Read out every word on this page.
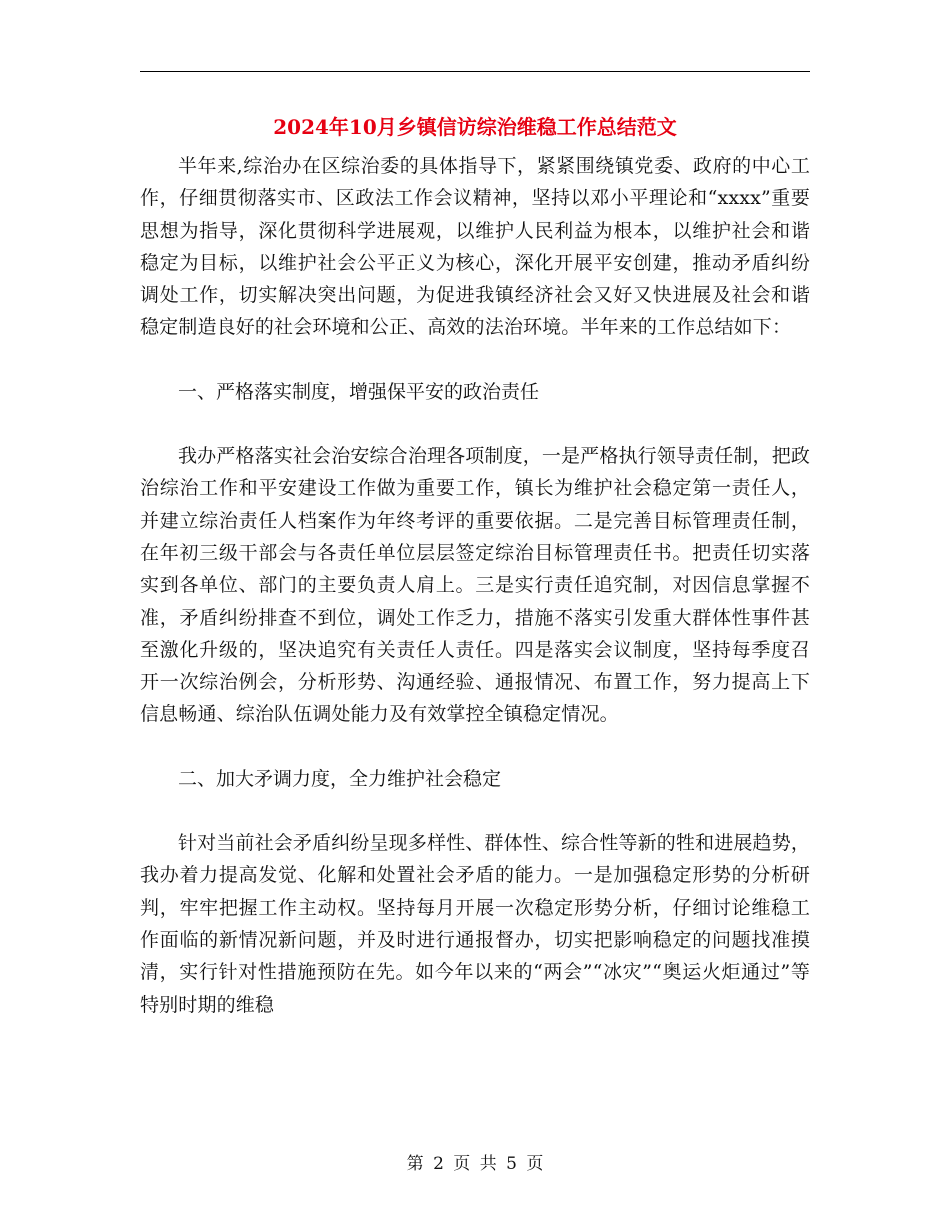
2024年10月乡镇信访综治维稳工作总结范文

半年来,综治办在区综治委的具体指导下，紧紧围绕镇党委、政府的中心工作，仔细贯彻落实市、区政法工作会议精神，坚持以邓小平理论和“xxxx”重要思想为指导，深化贯彻科学进展观，以维护人民利益为根本，以维护社会和谐稳定为目标，以维护社会公平正义为核心，深化开展平安创建，推动矛盾纠纷调处工作，切实解决突出问题，为促进我镇经济社会又好又快进展及社会和谐稳定制造良好的社会环境和公正、高效的法治环境。半年来的工作总结如下：

一、严格落实制度，增强保平安的政治责任

我办严格落实社会治安综合治理各项制度，一是严格执行领导责任制，把政治综治工作和平安建设工作做为重要工作，镇长为维护社会稳定第一责任人，并建立综治责任人档案作为年终考评的重要依据。二是完善目标管理责任制，在年初三级干部会与各责任单位层层签定综治目标管理责任书。把责任切实落实到各单位、部门的主要负责人肩上。三是实行责任追究制，对因信息掌握不准，矛盾纠纷排查不到位，调处工作乏力，措施不落实引发重大群体性事件甚至激化升级的，坚决追究有关责任人责任。四是落实会议制度，坚持每季度召开一次综治例会，分析形势、沟通经验、通报情况、布置工作，努力提高上下信息畅通、综治队伍调处能力及有效掌控全镇稳定情况。

二、加大矛调力度，全力维护社会稳定

针对当前社会矛盾纠纷呈现多样性、群体性、综合性等新的牲和进展趋势，我办着力提高发觉、化解和处置社会矛盾的能力。一是加强稳定形势的分析研判，牢牢把握工作主动权。坚持每月开展一次稳定形势分析，仔细讨论维稳工作面临的新情况新问题，并及时进行通报督办，切实把影响稳定的问题找准摸清，实行针对性措施预防在先。如今年以来的“两会”“冰灾”“奥运火炬通过”等特别时期的维稳

第 2 页 共 5 页
